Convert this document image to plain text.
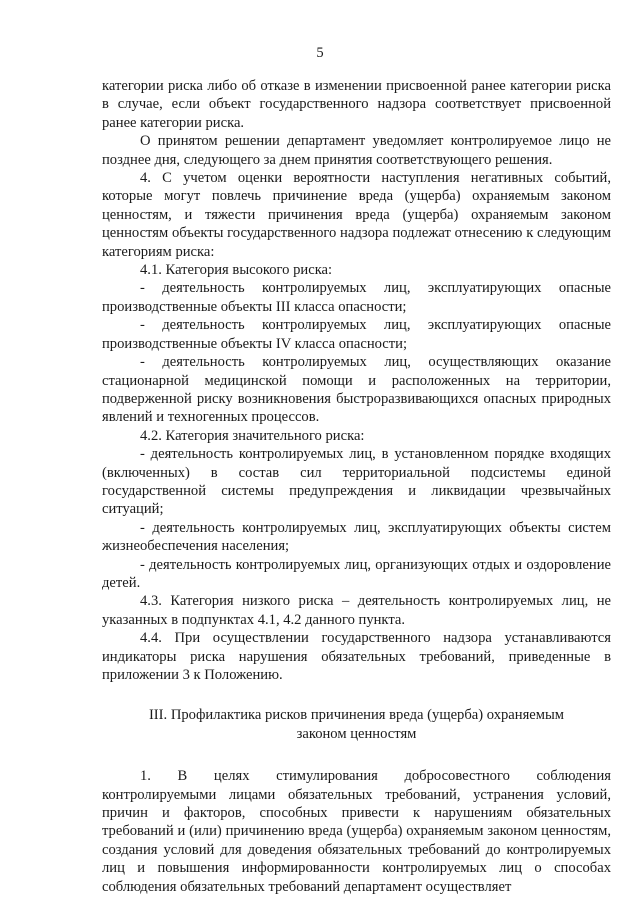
5

категории риска либо об отказе в изменении присвоенной ранее категории риска в случае, если объект государственного надзора соответствует присвоенной ранее категории риска.

О принятом решении департамент уведомляет контролируемое лицо не позднее дня, следующего за днем принятия соответствующего решения.

4. С учетом оценки вероятности наступления негативных событий, которые могут повлечь причинение вреда (ущерба) охраняемым законом ценностям, и тяжести причинения вреда (ущерба) охраняемым законом ценностям объекты государственного надзора подлежат отнесению к следующим категориям риска:

4.1. Категория высокого риска:

- деятельность контролируемых лиц, эксплуатирующих опасные производственные объекты III класса опасности;

- деятельность контролируемых лиц, эксплуатирующих опасные производственные объекты IV класса опасности;

- деятельность контролируемых лиц, осуществляющих оказание стационарной медицинской помощи и расположенных на территории, подверженной риску возникновения быстроразвивающихся опасных природных явлений и техногенных процессов.

4.2. Категория значительного риска:

- деятельность контролируемых лиц, в установленном порядке входящих (включенных) в состав сил территориальной подсистемы единой государственной системы предупреждения и ликвидации чрезвычайных ситуаций;

- деятельность контролируемых лиц, эксплуатирующих объекты систем жизнеобеспечения населения;

- деятельность контролируемых лиц, организующих отдых и оздоровление детей.

4.3. Категория низкого риска – деятельность контролируемых лиц, не указанных в подпунктах 4.1, 4.2 данного пункта.

4.4. При осуществлении государственного надзора устанавливаются индикаторы риска нарушения обязательных требований, приведенные в приложении 3 к Положению.

III. Профилактика рисков причинения вреда (ущерба) охраняемым
законом ценностям

1. В целях стимулирования добросовестного соблюдения контролируемыми лицами обязательных требований, устранения условий, причин и факторов, способных привести к нарушениям обязательных требований и (или) причинению вреда (ущерба) охраняемым законом ценностям, создания условий для доведения обязательных требований до контролируемых лиц и повышения информированности контролируемых лиц о способах соблюдения обязательных требований департамент осуществляет
